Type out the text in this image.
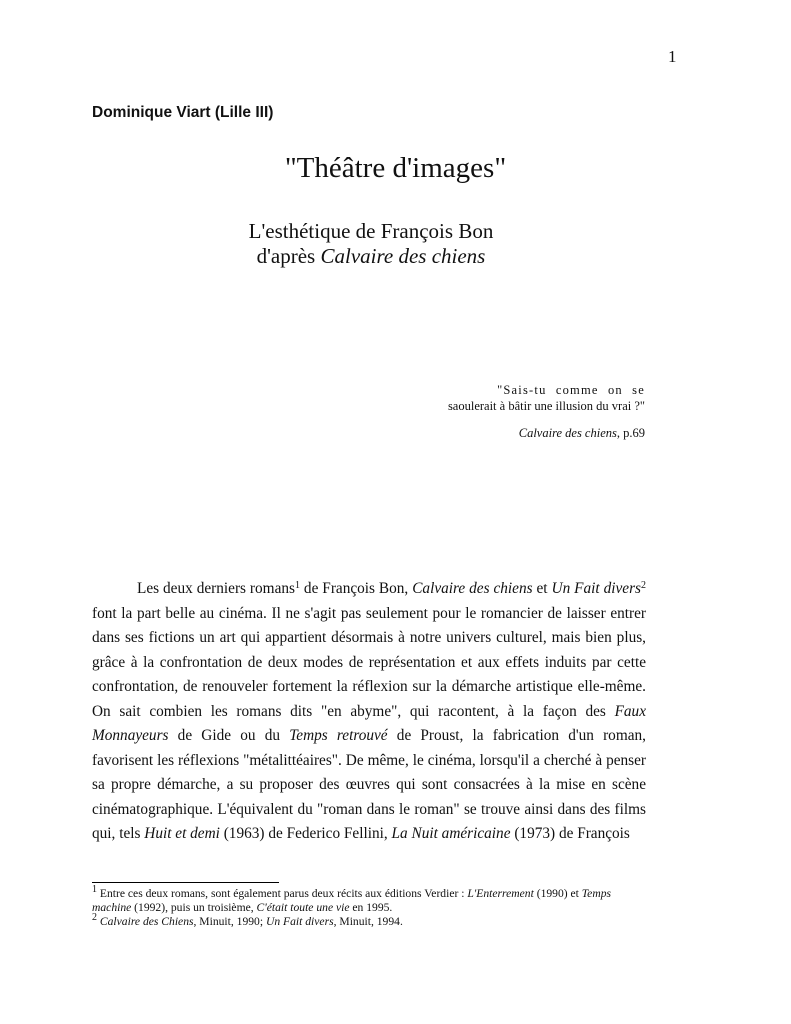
1
Dominique Viart (Lille III)
"Théâtre d'images"
L'esthétique de François Bon
d'après Calvaire des chiens
"Sais-tu comme on se
saoulerait à bâtir une illusion du vrai ?"
Calvaire des chiens, p.69

Les deux derniers romans$^1$ de François Bon, Calvaire des chiens et Un Fait divers$^2$ font la part belle au cinéma. Il ne s'agit pas seulement pour le romancier de laisser entrer dans ses fictions un art qui appartient désormais à notre univers culturel, mais bien plus, grâce à la confrontation de deux modes de représentation et aux effets induits par cette confrontation, de renouveler fortement la réflexion sur la démarche artistique elle-même. On sait combien les romans dits "en abyme", qui racontent, à la façon des Faux Monnayeurs de Gide ou du Temps retrouvé de Proust, la fabrication d'un roman, favorisent les réflexions "métalittéaires". De même, le cinéma, lorsqu'il a cherché à penser sa propre démarche, a su proposer des œuvres qui sont consacrées à la mise en scène cinématographique. L'équivalent du "roman dans le roman" se trouve ainsi dans des films qui, tels Huit et demi (1963) de Federico Fellini, La Nuit américaine (1973) de François

$^1$ Entre ces deux romans, sont également parus deux récits aux éditions Verdier : L'Enterrement (1990) et Temps machine (1992), puis un troisième, C'était toute une vie en 1995.

$^2$ Calvaire des Chiens, Minuit, 1990; Un Fait divers, Minuit, 1994.
